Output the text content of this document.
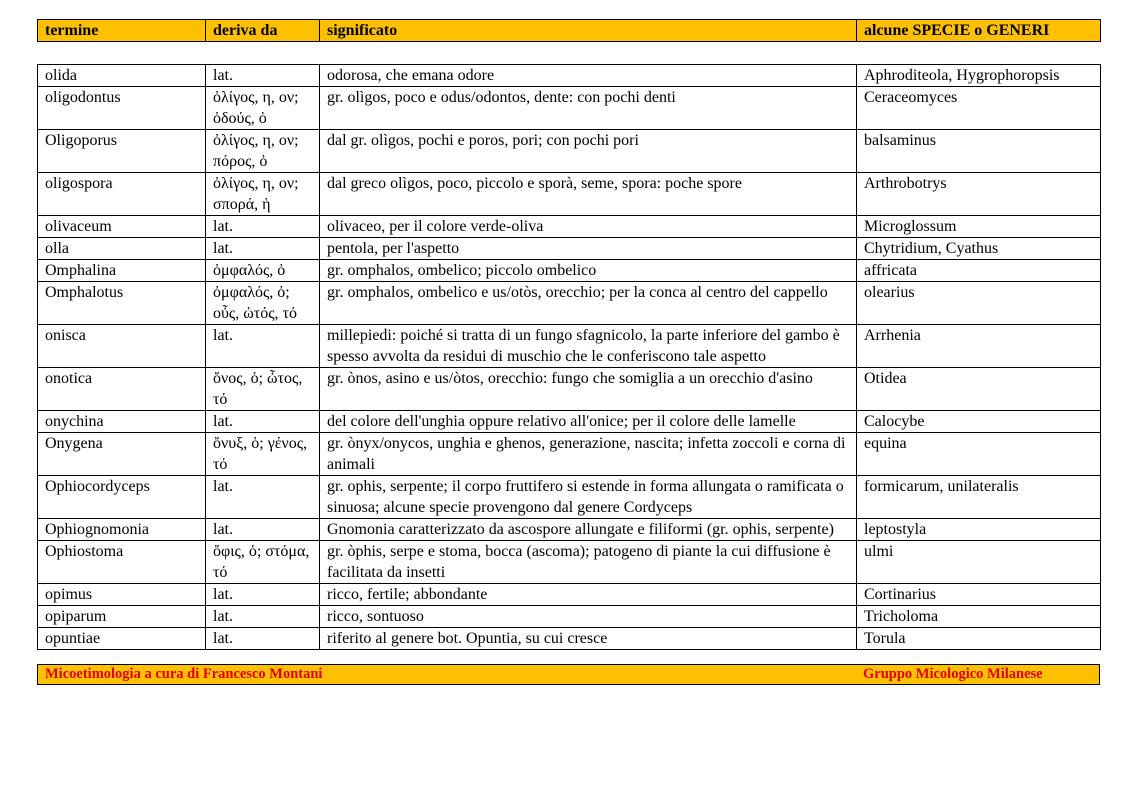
termine	deriva da	significato	alcune SPECIE o GENERI
olida	lat.	odorosa, che emana odore	Aphroditeola, Hygrophoropsis
oligodontus	ὀλίγος, η, ον; ὀδούς, ὀ	gr. olìgos, poco e odus/odontos, dente: con pochi denti	Ceraceomyces
Oligoporus	ὀλίγος, η, ον; πόρος, ὀ	dal gr. olìgos, pochi e poros, pori; con pochi pori	balsaminus
oligospora	ὀλίγος, η, ον; σπορά, ἡ	dal greco olìgos, poco, piccolo e sporà, seme, spora: poche spore	Arthrobotrys
olivaceum	lat.	olivaceo, per il colore verde-oliva	Microglossum
olla	lat.	pentola, per l'aspetto	Chytridium, Cyathus
Omphalina	ὀμφαλός, ὀ	gr. omphalos, ombelico; piccolo ombelico	affricata
Omphalotus	ὀμφαλός, ὀ; οὖς, ὠτός, τό	gr. omphalos, ombelico e us/otòs, orecchio; per la conca al centro del cappello	olearius
onisca	lat.	millepiedi: poiché si tratta di un fungo sfagnicolo, la parte inferiore del gambo è spesso avvolta da residui di muschio che le conferiscono tale aspetto	Arrhenia
onotica	ὄνος, ὁ; ὦτος, τό	gr. ònos, asino e us/òtos, orecchio: fungo che somiglia a un orecchio d'asino	Otidea
onychina	lat.	del colore dell'unghia oppure relativo all'onice; per il colore delle lamelle	Calocybe
Onygena	ὄνυξ, ὁ; γένος, τό	gr. ònyx/onycos, unghia e ghenos, generazione, nascita; infetta zoccoli e corna di animali	equina
Ophiocordyceps	lat.	gr. ophis, serpente; il corpo fruttifero si estende in forma allungata o ramificata o sinuosa; alcune specie provengono dal genere Cordyceps	formicarum, unilateralis
Ophiognomonia	lat.	Gnomonia caratterizzato da ascospore allungate e filiformi (gr. ophis, serpente)	leptostyla
Ophiostoma	ὄφις, ὁ; στόμα, τό	gr. òphis, serpe e stoma, bocca (ascoma); patogeno di piante la cui diffusione è facilitata da insetti	ulmi
opimus	lat.	ricco, fertile; abbondante	Cortinarius
opiparum	lat.	ricco, sontuoso	Tricholoma
opuntiae	lat.	riferito al genere bot. Opuntia, su cui cresce	Torula
Micoetimologia a cura di Francesco Montani	Gruppo Micologico Milanese
